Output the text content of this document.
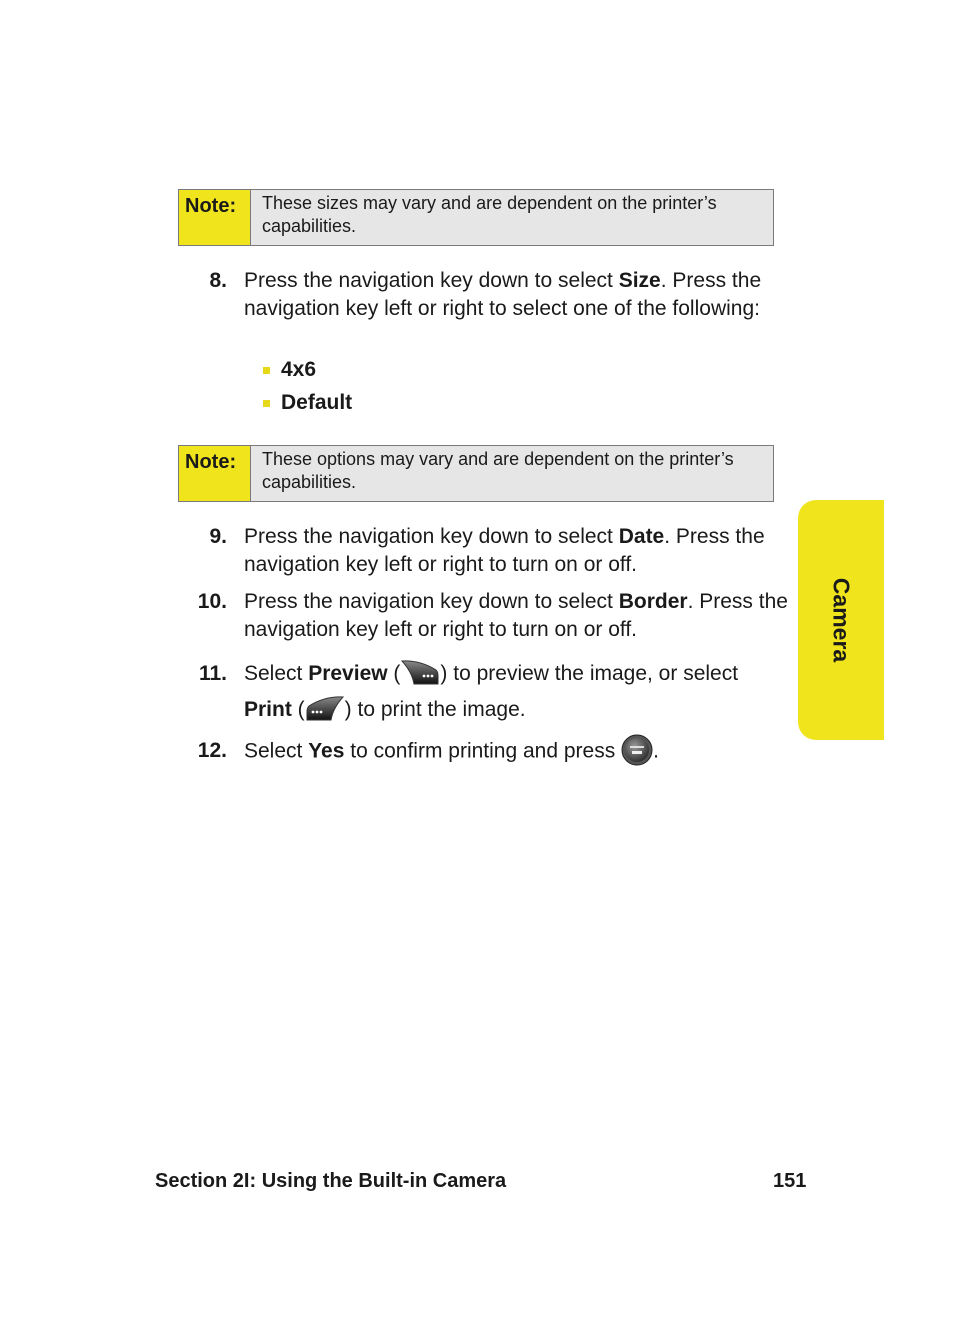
Note:	These sizes may vary and are dependent on the printer’s capabilities.
8. Press the navigation key down to select Size. Press the navigation key left or right to select one of the following:
4x6
Default
Note:	These options may vary and are dependent on the printer’s capabilities.
9. Press the navigation key down to select Date. Press the navigation key left or right to turn on or off.
10. Press the navigation key down to select Border. Press the navigation key left or right to turn on or off.
11. Select Preview ( ) to preview the image, or select
Print ( ) to print the image.
12. Select Yes to confirm printing and press .
Camera
Section 2I: Using the Built-in Camera	151
